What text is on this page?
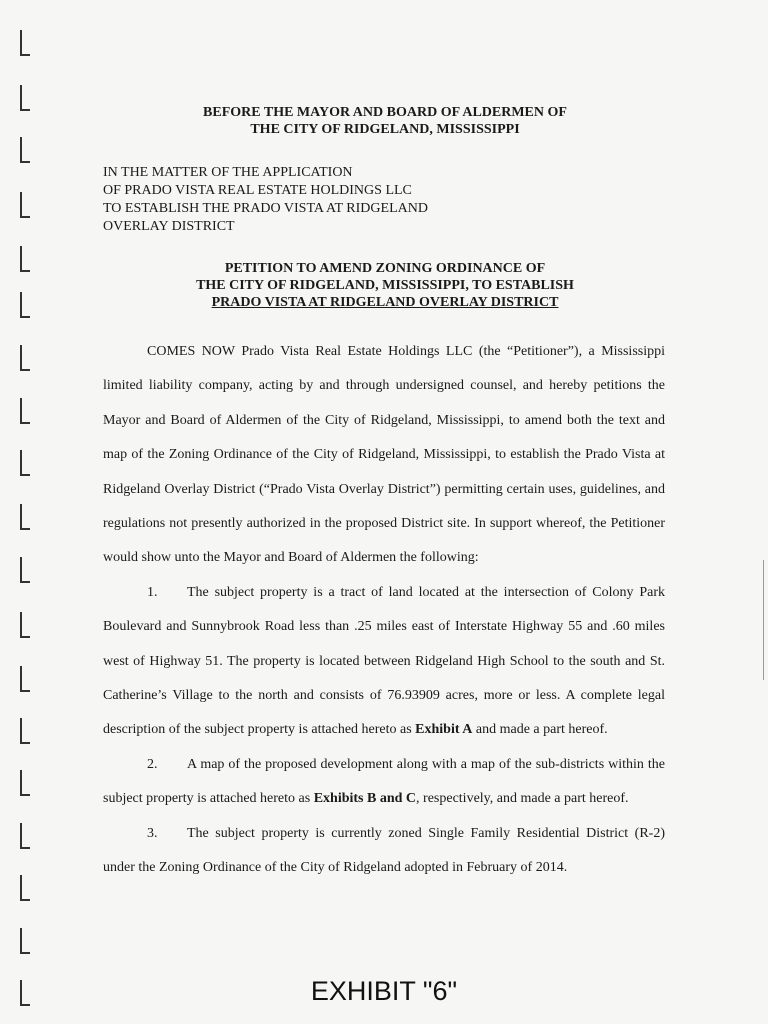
BEFORE THE MAYOR AND BOARD OF ALDERMEN OF
THE CITY OF RIDGELAND, MISSISSIPPI
IN THE MATTER OF THE APPLICATION
OF PRADO VISTA REAL ESTATE HOLDINGS LLC
TO ESTABLISH THE PRADO VISTA AT RIDGELAND
OVERLAY DISTRICT
PETITION TO AMEND ZONING ORDINANCE OF
THE CITY OF RIDGELAND, MISSISSIPPI, TO ESTABLISH
PRADO VISTA AT RIDGELAND OVERLAY DISTRICT

COMES NOW Prado Vista Real Estate Holdings LLC (the “Petitioner”), a Mississippi limited liability company, acting by and through undersigned counsel, and hereby petitions the Mayor and Board of Aldermen of the City of Ridgeland, Mississippi, to amend both the text and map of the Zoning Ordinance of the City of Ridgeland, Mississippi, to establish the Prado Vista at Ridgeland Overlay District (“Prado Vista Overlay District”) permitting certain uses, guidelines, and regulations not presently authorized in the proposed District site. In support whereof, the Petitioner would show unto the Mayor and Board of Aldermen the following:

1. The subject property is a tract of land located at the intersection of Colony Park Boulevard and Sunnybrook Road less than .25 miles east of Interstate Highway 55 and .60 miles west of Highway 51. The property is located between Ridgeland High School to the south and St. Catherine’s Village to the north and consists of 76.93909 acres, more or less. A complete legal description of the subject property is attached hereto as Exhibit A and made a part hereof.

2. A map of the proposed development along with a map of the sub-districts within the subject property is attached hereto as Exhibits B and C, respectively, and made a part hereof.

3. The subject property is currently zoned Single Family Residential District (R-2) under the Zoning Ordinance of the City of Ridgeland adopted in February of 2014.

EXHIBIT "6"
